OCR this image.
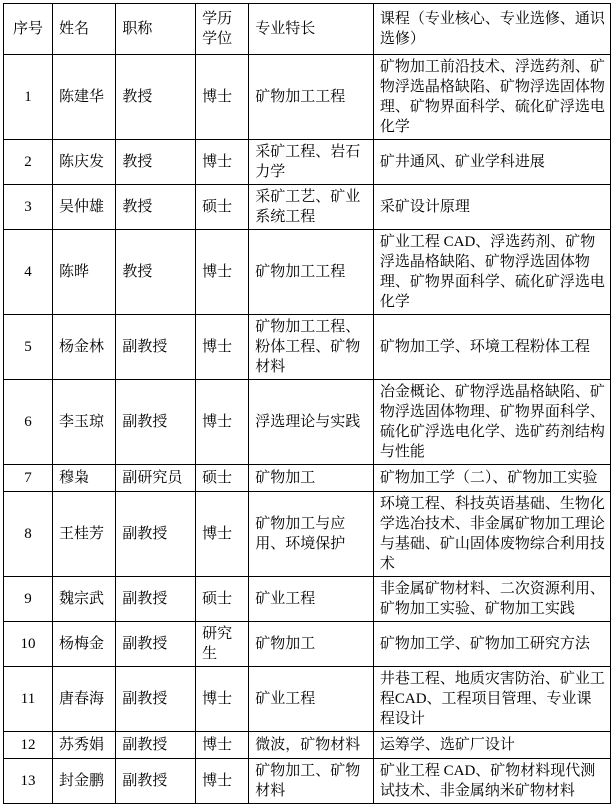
序号	姓名	职称	学历学位	专业特长	课程（专业核心、专业选修、通识选修）
1	陈建华	教授	博士	矿物加工工程	矿物加工前沿技术、浮选药剂、矿物浮选晶格缺陷、矿物浮选固体物理、矿物界面科学、硫化矿浮选电化学
2	陈庆发	教授	博士	采矿工程、岩石力学	矿井通风、矿业学科进展
3	吴仲雄	教授	硕士	采矿工艺、矿业系统工程	采矿设计原理
4	陈晔	教授	博士	矿物加工工程	矿业工程 CAD、浮选药剂、矿物浮选晶格缺陷、矿物浮选固体物理、矿物界面科学、硫化矿浮选电化学
5	杨金林	副教授	博士	矿物加工工程、粉体工程、矿物材料	矿物加工学、环境工程粉体工程
6	李玉琼	副教授	博士	浮选理论与实践	冶金概论、矿物浮选晶格缺陷、矿物浮选固体物理、矿物界面科学、硫化矿浮选电化学、选矿药剂结构与性能
7	穆枭	副研究员	硕士	矿物加工	矿物加工学（二）、矿物加工实验
8	王桂芳	副教授	博士	矿物加工与应用、环境保护	环境工程、科技英语基础、生物化学选冶技术、非金属矿物加工理论与基础、矿山固体废物综合利用技术
9	魏宗武	副教授	硕士	矿业工程	非金属矿物材料、二次资源利用、矿物加工实验、矿物加工实践
10	杨梅金	副教授	研究生	矿物加工	矿物加工学、矿物加工研究方法
11	唐春海	副教授	博士	矿业工程	井巷工程、地质灾害防治、矿业工程CAD、工程项目管理、专业课程设计
12	苏秀娟	副教授	博士	微波，矿物材料	运筹学、选矿厂设计
13	封金鹏	副教授	博士	矿物加工、矿物材料	矿业工程 CAD、矿物材料现代测试技术、非金属纳米矿物材料
